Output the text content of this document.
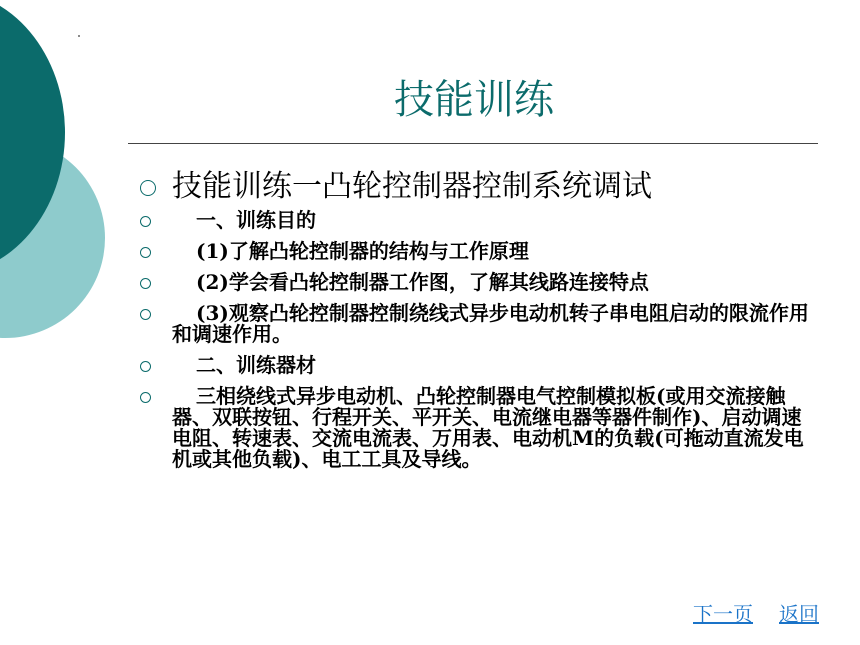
技能训练
技能训练一凸轮控制器控制系统调试
一、训练目的
(1)了解凸轮控制器的结构与工作原理
(2)学会看凸轮控制器工作图，了解其线路连接特点
(3)观察凸轮控制器控制绕线式异步电动机转子串电阻启动的限流作用和调速作用。
二、训练器材
三相绕线式异步电动机、凸轮控制器电气控制模拟板(或用交流接触器、双联按钮、行程开关、平开关、电流继电器等器件制作)、启动调速电阻、转速表、交流电流表、万用表、电动机M的负载(可拖动直流发电机或其他负载)、电工工具及导线。
下一页 返回
